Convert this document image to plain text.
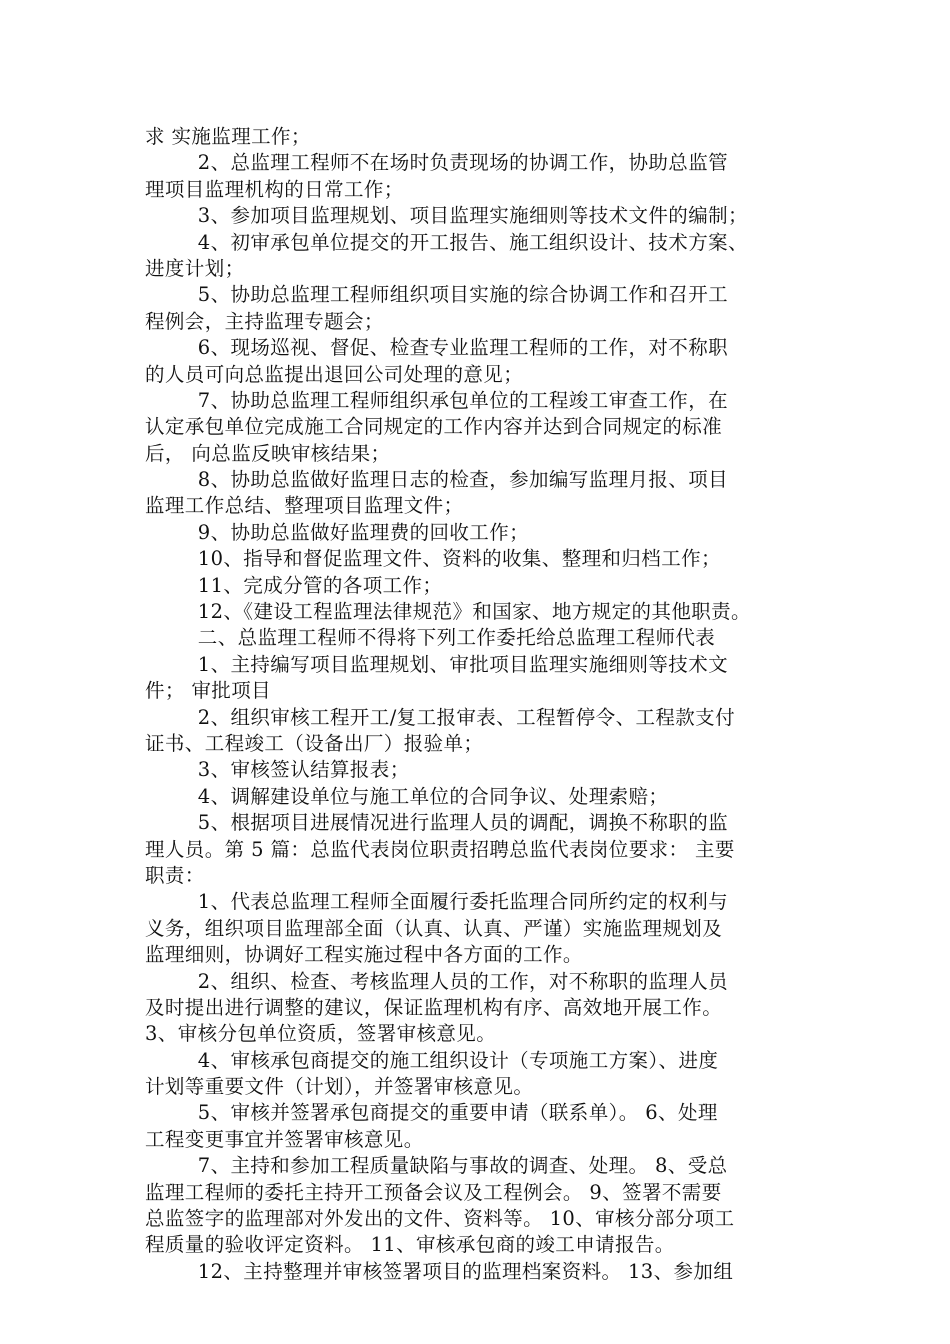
求 实施监理工作；
2、总监理工程师不在场时负责现场的协调工作，协助总监管
理项目监理机构的日常工作；
3、参加项目监理规划、项目监理实施细则等技术文件的编制；
4、初审承包单位提交的开工报告、施工组织设计、技术方案、
进度计划；
5、协助总监理工程师组织项目实施的综合协调工作和召开工
程例会，主持监理专题会；
6、现场巡视、督促、检查专业监理工程师的工作，对不称职
的人员可向总监提出退回公司处理的意见；
7、协助总监理工程师组织承包单位的工程竣工审查工作，在
认定承包单位完成施工合同规定的工作内容并达到合同规定的标准
后， 向总监反映审核结果；
8、协助总监做好监理日志的检查，参加编写监理月报、项目
监理工作总结、整理项目监理文件；
9、协助总监做好监理费的回收工作；
10、指导和督促监理文件、资料的收集、整理和归档工作；
11、完成分管的各项工作；
12、《建设工程监理法律规范》和国家、地方规定的其他职责。
二、总监理工程师不得将下列工作委托给总监理工程师代表
1、主持编写项目监理规划、审批项目监理实施细则等技术文
件； 审批项目
2、组织审核工程开工/复工报审表、工程暂停令、工程款支付
证书、工程竣工（设备出厂）报验单；
3、审核签认结算报表；
4、调解建设单位与施工单位的合同争议、处理索赔；
5、根据项目进展情况进行监理人员的调配，调换不称职的监
理人员。第 5 篇：总监代表岗位职责招聘总监代表岗位要求： 主要
职责：
1、代表总监理工程师全面履行委托监理合同所约定的权利与
义务，组织项目监理部全面（认真、认真、严谨）实施监理规划及
监理细则，协调好工程实施过程中各方面的工作。
2、组织、检查、考核监理人员的工作，对不称职的监理人员
及时提出进行调整的建议，保证监理机构有序、高效地开展工作。
3、审核分包单位资质，签署审核意见。
4、审核承包商提交的施工组织设计（专项施工方案）、进度
计划等重要文件（计划），并签署审核意见。
5、审核并签署承包商提交的重要申请（联系单）。 6、处理
工程变更事宜并签署审核意见。
7、主持和参加工程质量缺陷与事故的调查、处理。 8、受总
监理工程师的委托主持开工预备会议及工程例会。 9、签署不需要
总监签字的监理部对外发出的文件、资料等。 10、审核分部分项工
程质量的验收评定资料。 11、审核承包商的竣工申请报告。
12、主持整理并审核签署项目的监理档案资料。 13、参加组
